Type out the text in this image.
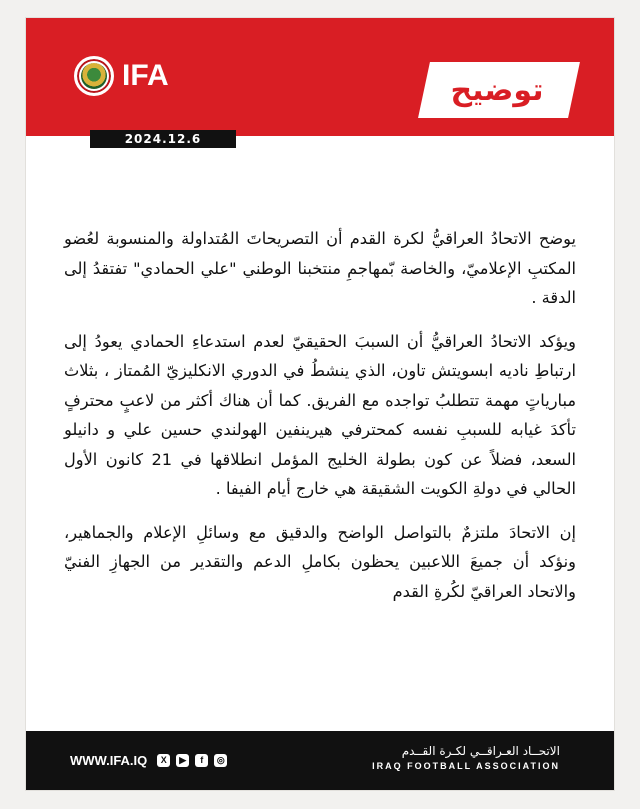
IFA	توضيح
2024.12.6

يوضح الاتحادُ العراقيُّ لكرة القدم أن التصريحاتَ المُتداولة والمنسوبة لعُضو المكتبِ الإعلاميّ، والخاصة بّمهاجمِ منتخبنا الوطني "علي الحمادي" تفتقدُ إلى الدقة .

ويؤكد الاتحادُ العراقيُّ أن السببَ الحقيقيّ لعدم استدعاءِ الحمادي يعودُ إلى ارتباطِ ناديه ابسويتش تاون، الذي ينشطُ في الدوري الانكليزيّ المُمتاز ، بثلاث مبارياتٍ مهمة تتطلبُ تواجده مع الفريق. كما أن هناك أكثر من لاعبٍ محترفٍ تأكدَ غيابه للسببِ نفسه كمحترفي هيرينفين الهولندي حسين علي و دانيلو السعد، فضلاً عن كون بطولة الخليج المؤمل انطلاقها في 21 كانون الأول الحالي في دولةِ الكويت الشقيقة هي خارج أيام الفيفا .

إن الاتحادَ ملتزمٌ بالتواصل الواضح والدقيق مع وسائلِ الإعلام والجماهير، ونؤكد أن جميعَ اللاعبين يحظون بكاملِ الدعم والتقدير من الجهازِ الفنيّ والاتحاد العراقيّ لكُرةِ القدم

WWW.IFA.IQ	X	▶	f	◎
الاتحــاد العـراقــي لكـرة القــدم
IRAQ FOOTBALL ASSOCIATION
